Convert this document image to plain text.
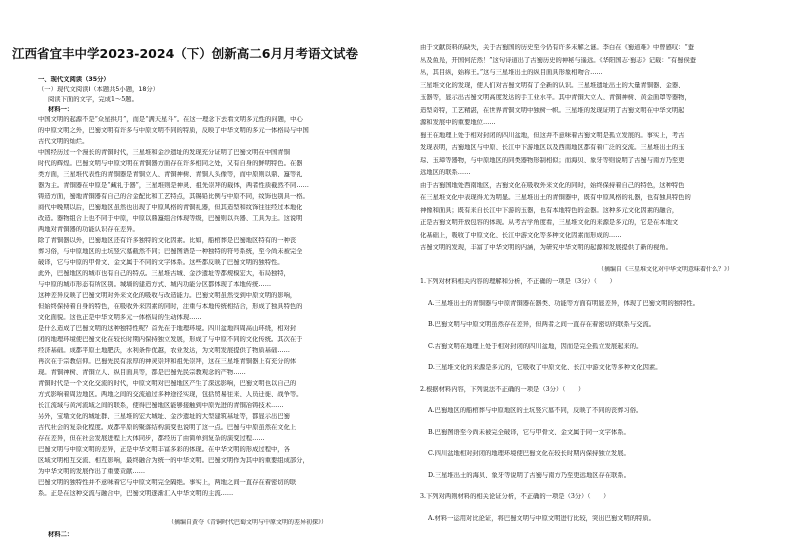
江西省宜丰中学2023-2024（下）创新高二6月月考语文试卷
一、现代文阅读（35分）
（一）现代文阅读Ⅰ（本题共5小题，18分）
阅读下面的文字，完成1～5题。
材料一：
中国文明的起源不是“众星拱月”，而是“满天星斗”。在这一理念下去看文明多元性的问题，中心
的中原文明之外，巴蜀文明有许多与中原文明不同的特质，反映了中华文明的多元一体格局与中国
古代文明的灿烂。
中国经历过一个漫长的青铜时代，三星堆和金沙遗址的发现充分证明了巴蜀文明在中国青铜
时代的辉煌。巴蜀文明与中原文明在青铜器方面存在许多相同之处，又有自身的鲜明特色。在器
类方面，三星堆代表性的青铜器是青铜立人、青铜神树、青铜人头像等，而中原则以鼎、簋等礼
器为主。青铜器在中原是“藏礼于器”，三星堆则是神灵、祖先崇拜的载体，两者性质截然不同……
铸造方面，蜀地青铜器有自己的合金配比和工艺特点，其锡铅比例与中原不同，纹饰也别具一格。
商代中晚期以后，巴蜀地区虽然也出现了中原风格的青铜礼器，但其造型和纹饰往往经过本地化
改造。器物组合上也不同于中原，中原以鼎簋组合体现等级，巴蜀则以兵器、工具为主。这说明
两地对青铜器的功能认识存在差异。
除了青铜器以外，巴蜀地区还有许多独特的文化因素。比如，船棺葬是巴蜀地区特有的一种丧
葬习俗，与中原地区的土坑竖穴墓截然不同；巴蜀图语是一种独特的符号系统，至今尚未被完全
破译，它与中原的甲骨文、金文属于不同的文字体系。这些都反映了巴蜀文明的独特性。
此外，巴蜀地区的城市也有自己的特点。三星堆古城、金沙遗址等都规模宏大，布局独特，
与中原的城市形态有所区别。城墙的建造方式、城内功能分区都体现了本地传统……
这种差异反映了巴蜀文明对外来文化的吸收与改造能力。巴蜀文明虽然受到中原文明的影响，
但始终保持着自身的特色，在吸收外来因素的同时，注重与本地传统相结合，形成了独具特色的
文化面貌。这也正是中华文明多元一体格局的生动体现……
是什么造成了巴蜀文明的这种独特性呢？首先在于地理环境。四川盆地四周高山环绕，相对封
闭的地理环境使巴蜀文化在较长时期内保持独立发展，形成了与中原不同的文化传统。其次在于
经济基础。成都平原土地肥沃，水利条件优越，农业发达，为文明发展提供了物质基础……
再次在于宗教信仰。巴蜀先民有浓厚的神灵崇拜和祖先崇拜，这在三星堆青铜器上有充分的体
现。青铜神树、青铜立人、纵目面具等，都是巴蜀先民宗教观念的产物……
青铜时代是一个文化交流的时代，中原文明对巴蜀地区产生了深远影响，巴蜀文明也以自己的
方式影响着周边地区。两地之间的交流通过多种途径实现，包括贸易往来、人员迁徙、战争等。
长江流域与黄河流域之间的联系，使得巴蜀地区能够接触到中原先进的青铜冶铸技术……
另外，宝墩文化的城址群、三星堆的宏大城址、金沙遗址的大型建筑基址等，都显示出巴蜀
古代社会的复杂化程度。成都平原的聚落结构演变也说明了这一点。巴蜀与中原虽然在文化上
存在差异，但在社会发展进程上大体同步，都经历了由简单到复杂的演变过程……
巴蜀文明与中原文明的差异，正是中华文明丰富多彩的体现。在中华文明的形成过程中，各
区域文明相互交流、相互影响，最终融合为统一的中华文明。巴蜀文明作为其中的重要组成部分，
为中华文明的发展作出了重要贡献……
巴蜀文明的独特性并不意味着它与中原文明完全隔绝。事实上，两地之间一直存在着密切的联
系。正是在这种交流与融合中，巴蜀文明逐渐汇入中华文明的主流……
（摘编自黄夺《青铜时代巴蜀文明与中原文明的差异初探》）
材料二：
由于文献资料的缺失，关于古蜀国的历史至今仍有许多未解之谜。李白在《蜀道难》中曾感叹：“蚕
丛及鱼凫，开国何茫然！”这句诗道出了古蜀历史的神秘与遥远。《华阳国志·蜀志》记载：“有蜀侯蚕
丛，其目纵，始称王。”这与三星堆出土的纵目面具形象相吻合……
三星堆文化的发现，使人们对古蜀文明有了全新的认识。三星堆遗址出土的大量青铜器、金器、
玉器等，显示出古蜀文明高度发达的手工业水平。其中青铜大立人、青铜神树、黄金面罩等器物，
造型奇特，工艺精湛，在世界青铜文明中独树一帜。三星堆的发现证明了古蜀文明在中华文明起
源和发展中的重要地位……
蜀王在地理上处于相对封闭的四川盆地，但这并不意味着古蜀文明是孤立发展的。事实上，考古
发现表明，古蜀地区与中原、长江中下游地区以及西南地区都有着广泛的交流。三星堆出土的玉
琮、玉璋等器物，与中原地区的同类器物形制相似；而海贝、象牙等则说明了古蜀与南方乃至更
远地区的联系……
由于古蜀国地处西南地区，古蜀文化在吸收外来文化的同时，始终保持着自己的特色，这种特色
在三星堆文化中表现得尤为明显。三星堆出土的青铜器中，既有中原风格的礼器，也有独具特色的
神像和面具；既有来自长江中下游的玉器，也有本地特色的金器。这种多元文化因素的融合，
正是古蜀文明开放包容的体现。从考古学角度看，三星堆文化的来源是多元的，它是在本地文
化基础上，吸收了中原文化、长江中游文化等多种文化因素而形成的……
古蜀文明的发现，丰富了中华文明的内涵，为研究中华文明的起源和发展提供了新的视角。
（摘编自《三星堆文化对中华文明意味着什么？》）
1.下列对材料相关内容的理解和分析，不正确的一项是（3分）（　　）
A.三星堆出土的青铜器与中原青铜器在器类、功能等方面有明显差异，体现了巴蜀文明的独特性。
B.巴蜀文明与中原文明虽然存在差异，但两者之间一直存在着密切的联系与交流。
C.古蜀文明在地理上处于相对封闭的四川盆地，因而是完全孤立发展起来的。
D.三星堆文化的来源是多元的，它吸收了中原文化、长江中游文化等多种文化因素。
2.根据材料内容，下列说法不正确的一项是（3分）（　　）
A.巴蜀地区的船棺葬与中原地区的土坑竖穴墓不同，反映了不同的丧葬习俗。
B.巴蜀图语至今尚未被完全破译，它与甲骨文、金文属于同一文字体系。
C.四川盆地相对封闭的地理环境使巴蜀文化在较长时期内保持独立发展。
D.三星堆出土的海贝、象牙等说明了古蜀与南方乃至更远地区存在联系。
3.下列对两则材料的相关论证分析，不正确的一项是（3分）（　　）
A.材料一运用对比论证，将巴蜀文明与中原文明进行比较，突出巴蜀文明的特质。
